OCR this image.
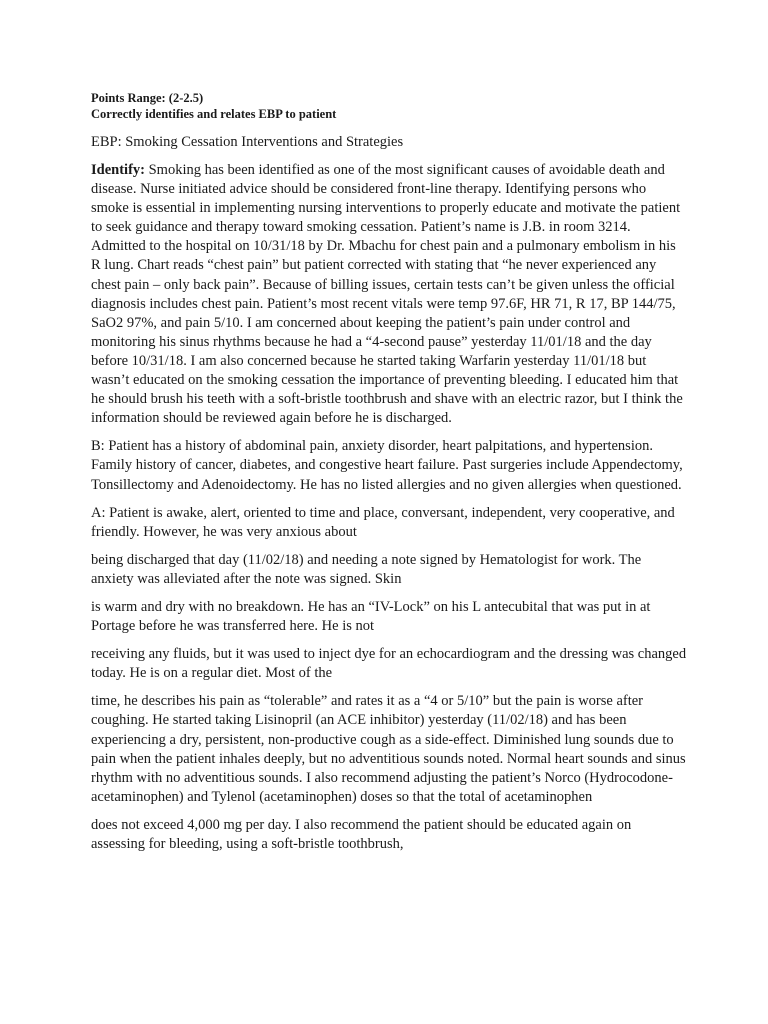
Points Range: (2-2.5)

Correctly identifies and relates EBP to patient

EBP: Smoking Cessation Interventions and Strategies

Identify: Smoking has been identified as one of the most significant causes of avoidable death and disease. Nurse initiated advice should be considered front-line therapy. Identifying persons who smoke is essential in implementing nursing interventions to properly educate and motivate the patient to seek guidance and therapy toward smoking cessation. Patient’s name is J.B. in room 3214. Admitted to the hospital on 10/31/18 by Dr. Mbachu for chest pain and a pulmonary embolism in his R lung. Chart reads “chest pain” but patient corrected with stating that “he never experienced any chest pain – only back pain”. Because of billing issues, certain tests can’t be given unless the official diagnosis includes chest pain. Patient’s most recent vitals were temp 97.6F, HR 71, R 17, BP 144/75, SaO2 97%, and pain 5/10. I am concerned about keeping the patient’s pain under control and monitoring his sinus rhythms because he had a “4-second pause” yesterday 11/01/18 and the day before 10/31/18. I am also concerned because he started taking Warfarin yesterday 11/01/18 but wasn’t educated on the smoking cessation the importance of preventing bleeding. I educated him that he should brush his teeth with a soft-bristle toothbrush and shave with an electric razor, but I think the information should be reviewed again before he is discharged.

B: Patient has a history of abdominal pain, anxiety disorder, heart palpitations, and hypertension. Family history of cancer, diabetes, and congestive heart failure. Past surgeries include Appendectomy, Tonsillectomy and Adenoidectomy. He has no listed allergies and no given allergies when questioned.

A: Patient is awake, alert, oriented to time and place, conversant, independent, very cooperative, and friendly. However, he was very anxious about

being discharged that day (11/02/18) and needing a note signed by Hematologist for work. The anxiety was alleviated after the note was signed. Skin

is warm and dry with no breakdown. He has an “IV-Lock” on his L antecubital that was put in at Portage before he was transferred here. He is not

receiving any fluids, but it was used to inject dye for an echocardiogram and the dressing was changed today. He is on a regular diet. Most of the

time, he describes his pain as “tolerable” and rates it as a “4 or 5/10” but the pain is worse after coughing. He started taking Lisinopril (an ACE inhibitor) yesterday (11/02/18) and has been experiencing a dry, persistent, non-productive cough as a side-effect. Diminished lung sounds due to pain when the patient inhales deeply, but no adventitious sounds noted. Normal heart sounds and sinus rhythm with no adventitious sounds. I also recommend adjusting the patient’s Norco (Hydrocodone-acetaminophen) and Tylenol (acetaminophen) doses so that the total of acetaminophen

does not exceed 4,000 mg per day. I also recommend the patient should be educated again on assessing for bleeding, using a soft-bristle toothbrush,
